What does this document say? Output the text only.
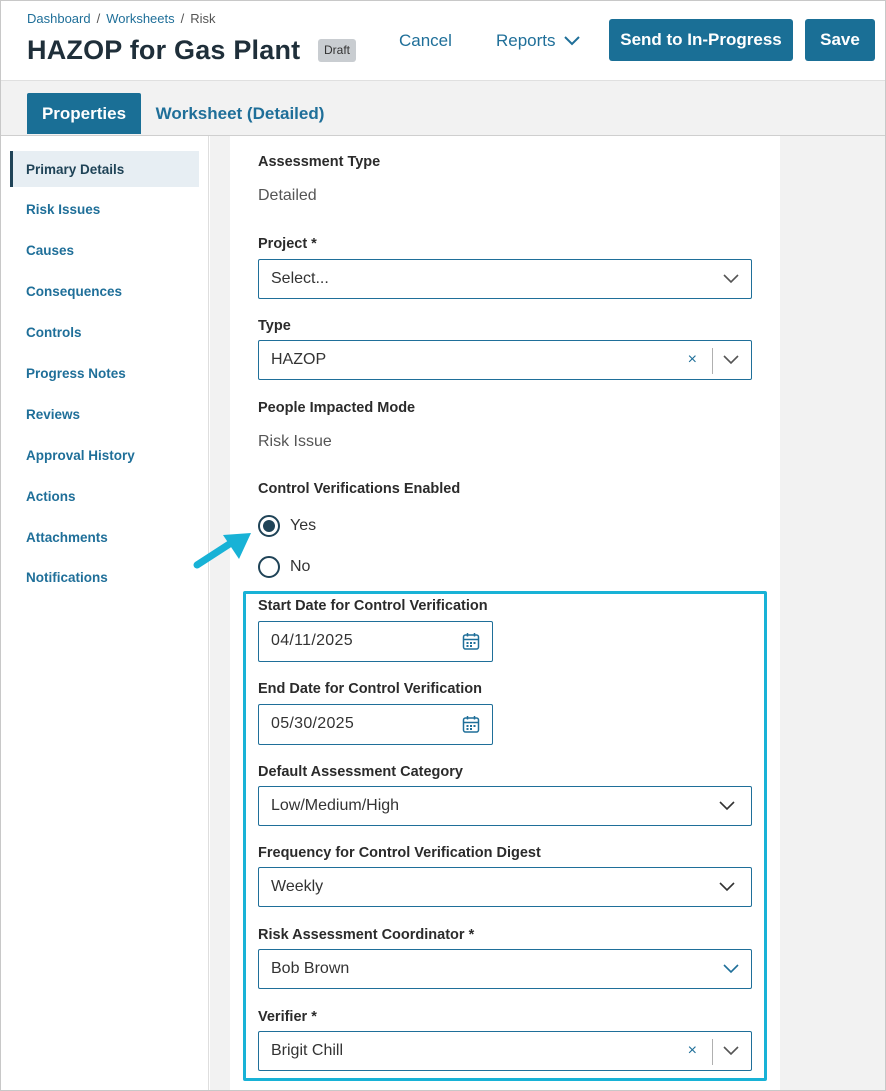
Dashboard / Worksheets / Risk
HAZOP for Gas Plant	Draft	Cancel	Reports	Send to In-Progress Save
Properties Worksheet (Detailed)
Primary Details
Risk Issues
Causes
Consequences
Controls
Progress Notes
Reviews
Approval History
Actions
Attachments
Notifications
Assessment Type
Detailed
Project *
Select...
Type
HAZOP	×
People Impacted Mode
Risk Issue
Control Verifications Enabled
Yes
No
Start Date for Control Verification
04/11/2025
End Date for Control Verification
05/30/2025
Default Assessment Category
Low/Medium/High
Frequency for Control Verification Digest
Weekly
Risk Assessment Coordinator *
Bob Brown
Verifier *
Brigit Chill	×
